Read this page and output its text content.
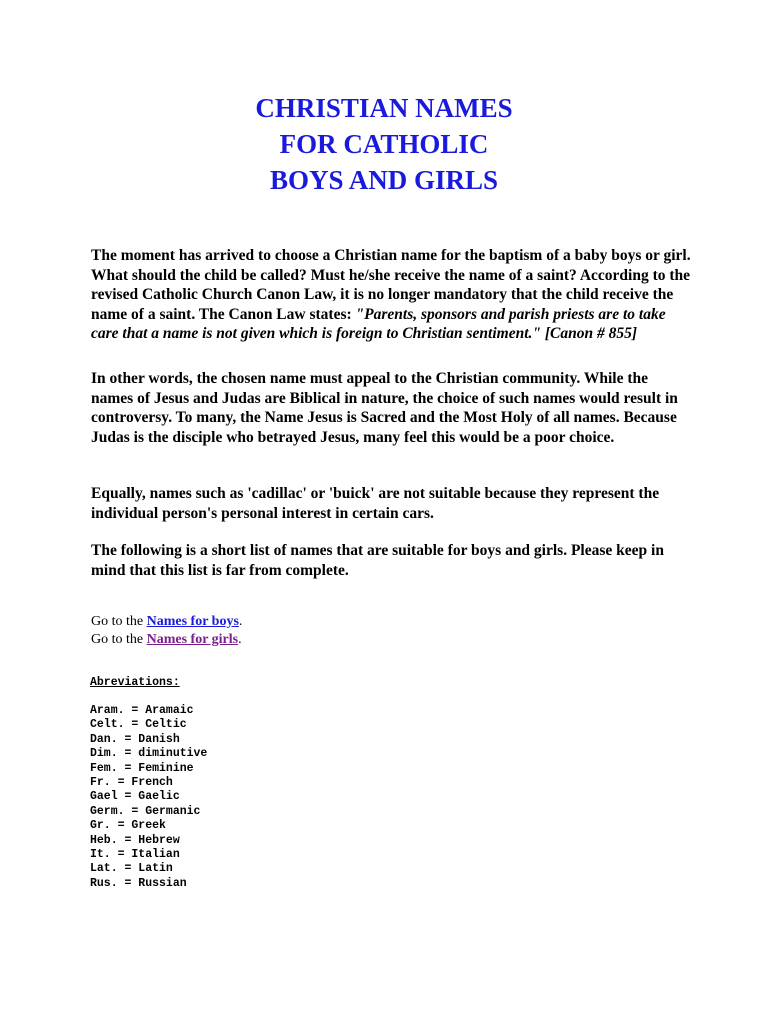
CHRISTIAN NAMES
FOR CATHOLIC
BOYS AND GIRLS

The moment has arrived to choose a Christian name for the baptism of a baby boys or girl. What should the child be called? Must he/she receive the name of a saint? According to the revised Catholic Church Canon Law, it is no longer mandatory that the child receive the name of a saint. The Canon Law states: "Parents, sponsors and parish priests are to take care that a name is not given which is foreign to Christian sentiment." [Canon # 855]

In other words, the chosen name must appeal to the Christian community. While the names of Jesus and Judas are Biblical in nature, the choice of such names would result in controversy. To many, the Name Jesus is Sacred and the Most Holy of all names. Because Judas is the disciple who betrayed Jesus, many feel this would be a poor choice.

Equally, names such as 'cadillac' or 'buick' are not suitable because they represent the individual person's personal interest in certain cars.

The following is a short list of names that are suitable for boys and girls. Please keep in mind that this list is far from complete.

Go to the Names for boys.
Go to the Names for girls.
Abreviations:
Aram. = Aramaic
Celt. = Celtic
Dan. = Danish
Dim. = diminutive
Fem. = Feminine
Fr. = French
Gael = Gaelic
Germ. = Germanic
Gr. = Greek
Heb. = Hebrew
It. = Italian
Lat. = Latin
Rus. = Russian
